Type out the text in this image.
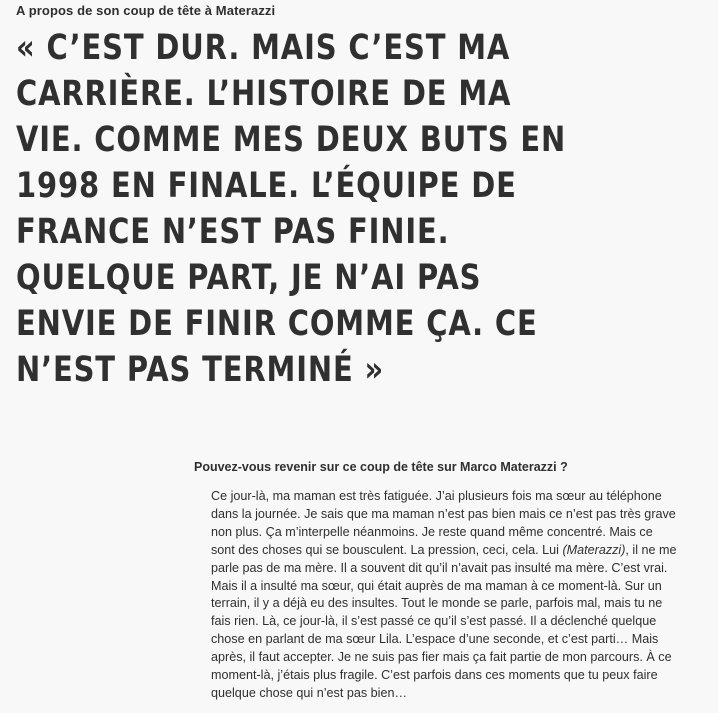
A propos de son coup de tête à Materazzi
« C’EST DUR. MAIS C’EST MA
CARRIÈRE. L’HISTOIRE DE MA
VIE. COMME MES DEUX BUTS EN
1998 EN FINALE. L’ÉQUIPE DE
FRANCE N’EST PAS FINIE.
QUELQUE PART, JE N’AI PAS
ENVIE DE FINIR COMME ÇA. CE
N’EST PAS TERMINÉ »
Pouvez-vous revenir sur ce coup de tête sur Marco Materazzi ?
Ce jour-là, ma maman est très fatiguée. J’ai plusieurs fois ma sœur au téléphone
dans la journée. Je sais que ma maman n’est pas bien mais ce n’est pas très grave
non plus. Ça m’interpelle néanmoins. Je reste quand même concentré. Mais ce
sont des choses qui se bousculent. La pression, ceci, cela. Lui (Materazzi), il ne me
parle pas de ma mère. Il a souvent dit qu’il n’avait pas insulté ma mère. C’est vrai.
Mais il a insulté ma sœur, qui était auprès de ma maman à ce moment-là. Sur un
terrain, il y a déjà eu des insultes. Tout le monde se parle, parfois mal, mais tu ne
fais rien. Là, ce jour-là, il s’est passé ce qu’il s’est passé. Il a déclenché quelque
chose en parlant de ma sœur Lila. L’espace d’une seconde, et c’est parti… Mais
après, il faut accepter. Je ne suis pas fier mais ça fait partie de mon parcours. À ce
moment-là, j’étais plus fragile. C’est parfois dans ces moments que tu peux faire
quelque chose qui n’est pas bien…
